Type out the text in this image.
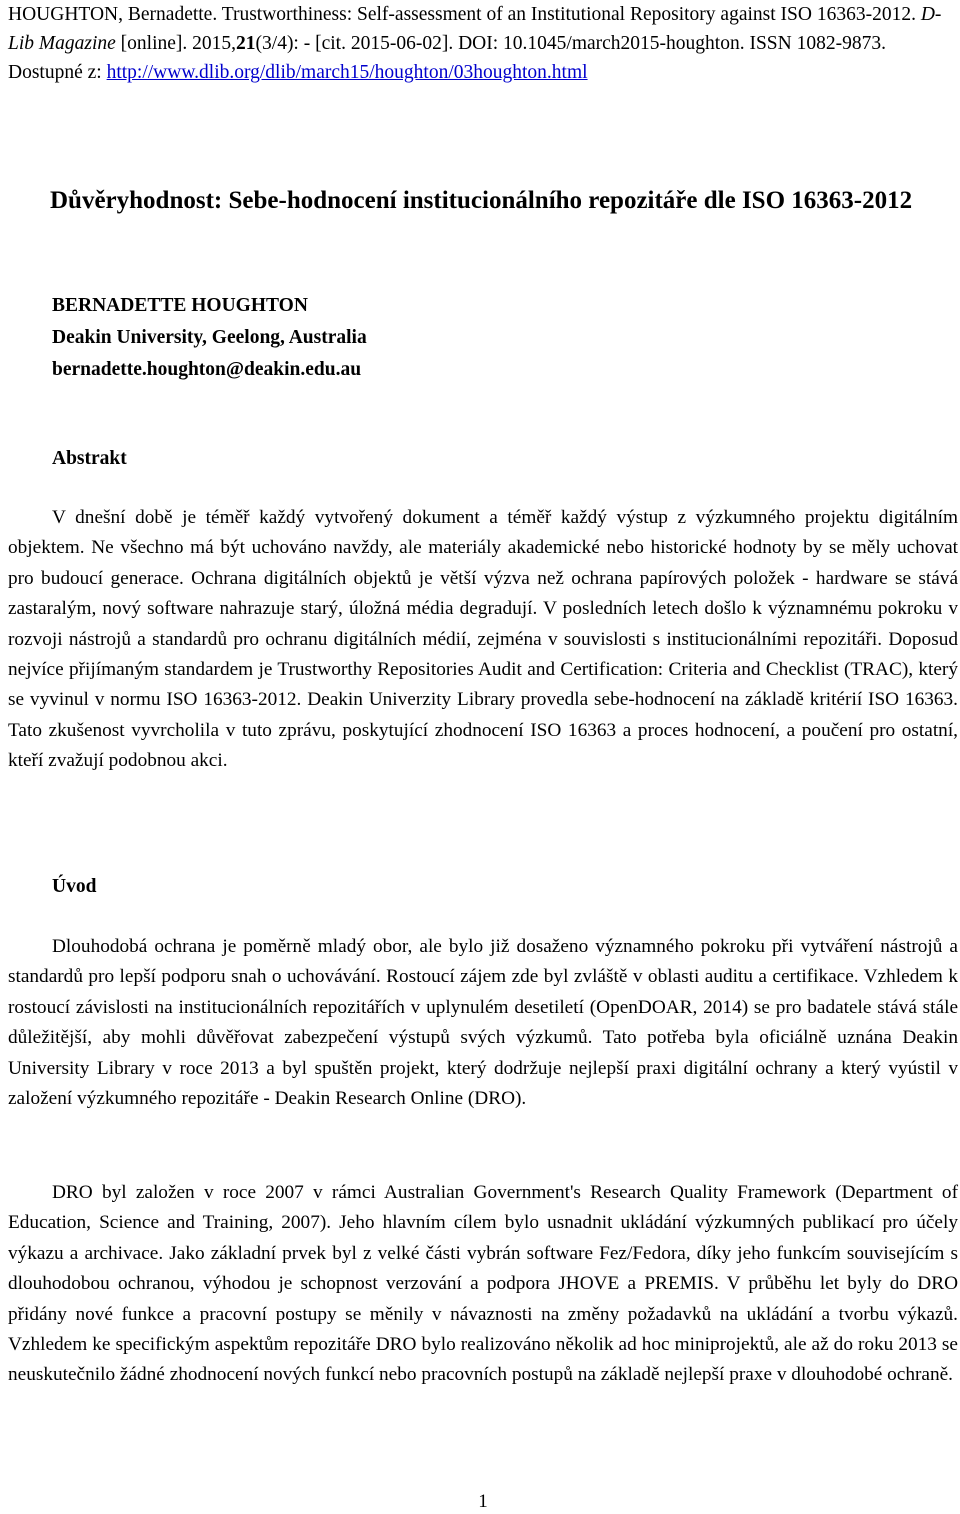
HOUGHTON, Bernadette. Trustworthiness: Self-assessment of an Institutional Repository against ISO 16363-2012. D-Lib Magazine [online]. 2015,21(3/4): - [cit. 2015-06-02]. DOI: 10.1045/march2015-houghton. ISSN 1082-9873. Dostupné z: http://www.dlib.org/dlib/march15/houghton/03houghton.html
Důvěryhodnost: Sebe-hodnocení institucionálního repozitáře dle ISO 16363-2012
BERNADETTE HOUGHTON
Deakin University, Geelong, Australia
bernadette.houghton@deakin.edu.au
Abstrakt

V dnešní době je téměř každý vytvořený dokument a téměř každý výstup z výzkumného projektu digitálním objektem. Ne všechno má být uchováno navždy, ale materiály akademické nebo historické hodnoty by se měly uchovat pro budoucí generace. Ochrana digitálních objektů je větší výzva než ochrana papírových položek - hardware se stává zastaralým, nový software nahrazuje starý, úložná média degradují. V posledních letech došlo k významnému pokroku v rozvoji nástrojů a standardů pro ochranu digitálních médií, zejména v souvislosti s institucionálními repozitáři. Doposud nejvíce přijímaným standardem je Trustworthy Repositories Audit and Certification: Criteria and Checklist (TRAC), který se vyvinul v normu ISO 16363-2012. Deakin Univerzity Library provedla sebe-hodnocení na základě kritérií ISO 16363. Tato zkušenost vyvrcholila v tuto zprávu, poskytující zhodnocení ISO 16363 a proces hodnocení, a poučení pro ostatní, kteří zvažují podobnou akci.

Úvod

Dlouhodobá ochrana je poměrně mladý obor, ale bylo již dosaženo významného pokroku při vytváření nástrojů a standardů pro lepší podporu snah o uchovávání. Rostoucí zájem zde byl zvláště v oblasti auditu a certifikace. Vzhledem k rostoucí závislosti na institucionálních repozitářích v uplynulém desetiletí (OpenDOAR, 2014) se pro badatele stává stále důležitější, aby mohli důvěřovat zabezpečení výstupů svých výzkumů. Tato potřeba byla oficiálně uznána Deakin University Library v roce 2013 a byl spuštěn projekt, který dodržuje nejlepší praxi digitální ochrany a který vyústil v založení výzkumného repozitáře - Deakin Research Online (DRO).

DRO byl založen v roce 2007 v rámci Australian Government's Research Quality Framework (Department of Education, Science and Training, 2007). Jeho hlavním cílem bylo usnadnit ukládání výzkumných publikací pro účely výkazu a archivace. Jako základní prvek byl z velké části vybrán software Fez/Fedora, díky jeho funkcím souvisejícím s dlouhodobou ochranou, výhodou je schopnost verzování a podpora JHOVE a PREMIS. V průběhu let byly do DRO přidány nové funkce a pracovní postupy se měnily v návaznosti na změny požadavků na ukládání a tvorbu výkazů. Vzhledem ke specifickým aspektům repozitáře DRO bylo realizováno několik ad hoc miniprojektů, ale až do roku 2013 se neuskutečnilo žádné zhodnocení nových funkcí nebo pracovních postupů na základě nejlepší praxe v dlouhodobé ochraně.

1
